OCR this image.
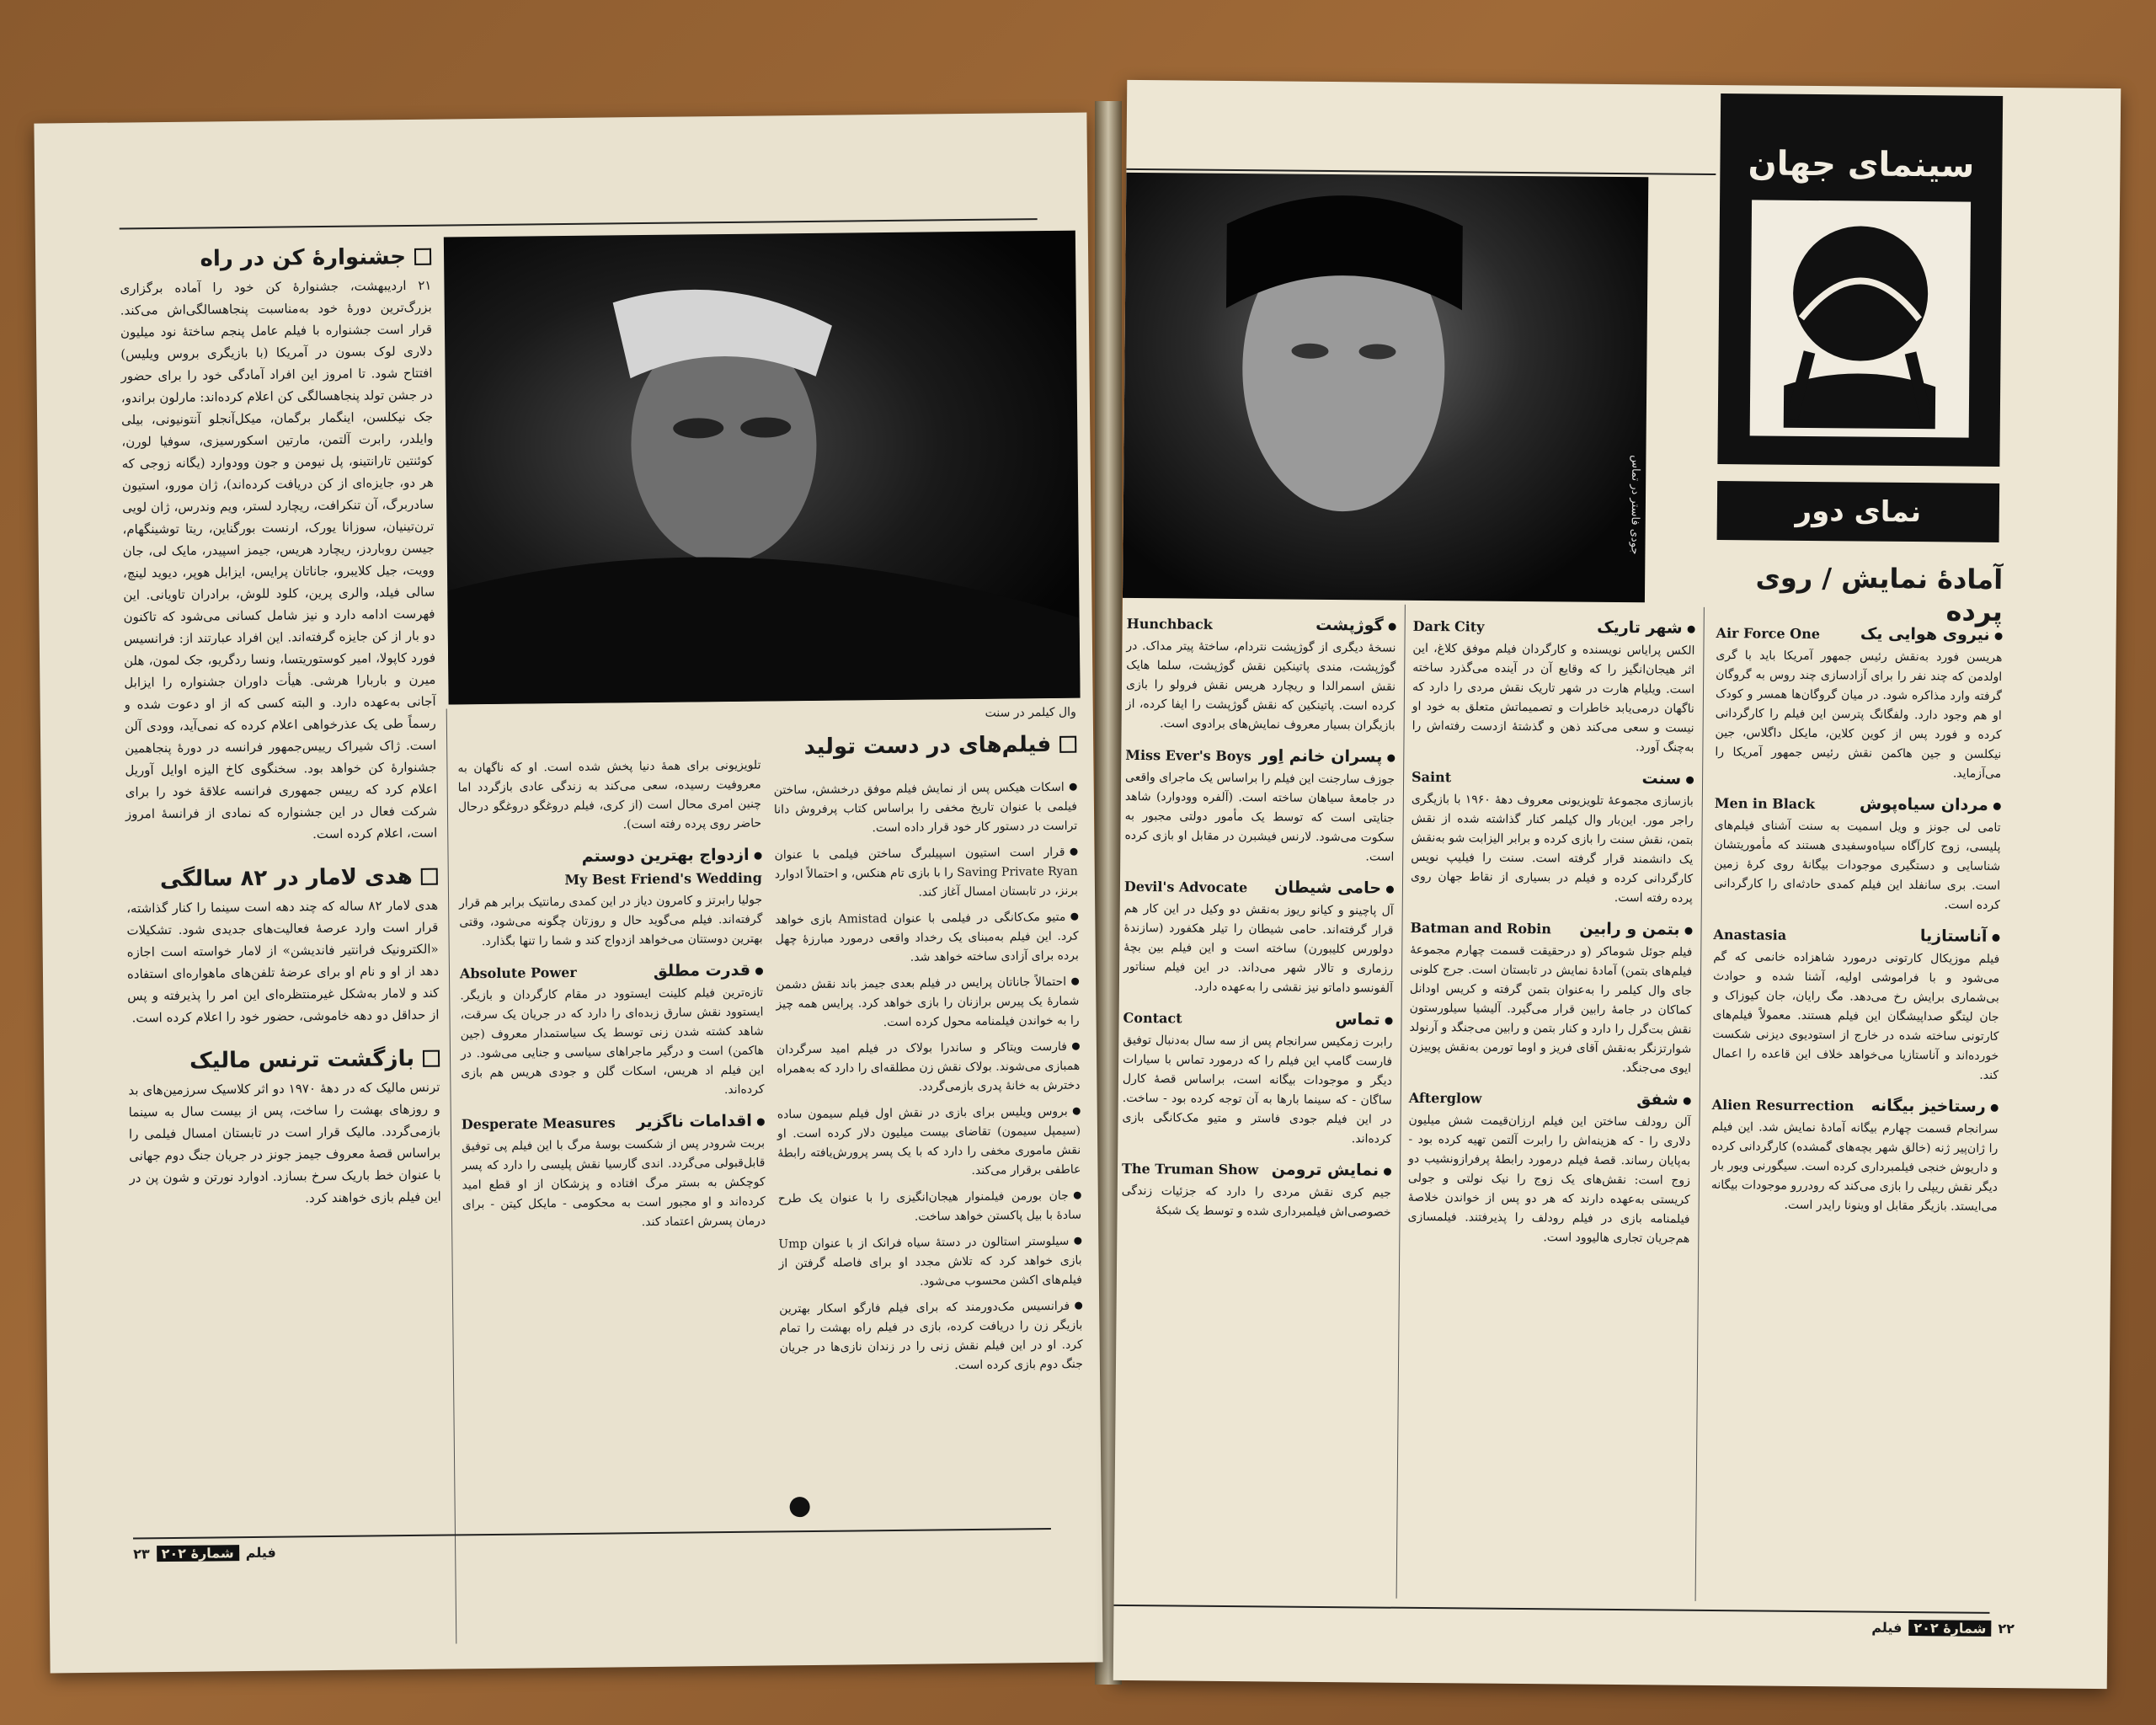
وال کیلمر در سنت
جشنوارهٔ کن در راه

۲۱ اردیبهشت، جشنوارهٔ کن خود را آماده برگزاری بزرگ‌ترین دورهٔ خود به‌مناسبت پنجاهسالگی‌اش می‌کند. قرار است جشنواره با فیلم عامل پنجم ساختهٔ نود میلیون دلاری لوک بسون در آمریکا (با بازیگری بروس ویلیس) افتتاح شود. تا امروز این افراد آمادگی خود را برای حضور در جشن تولد پنجاهسالگی کن اعلام کرده‌اند: مارلون براندو، جک نیکلسن، اینگمار برگمان، میکل‌آنجلو آنتونیونی، بیلی وایلدر، رابرت آلتمن، مارتین اسکورسیزی، سوفیا لورن، کوئنتین تارانتینو، پل نیومن و جون وودوارد (یگانه زوجی که هر دو، جایزه‌ای از کن دریافت کرده‌اند)، ژان مورو، استیون سادربرگ، آن تنکرافت، ریچارد لستر، ویم وندرس، ژان لویی ترن‌تینیان، سوزانا یورک، ارنست بورگناین، ریتا توشینگهام، جیسن روباردز، ریچارد هریس، جیمز اسپیدر، مایک لی، جان وویت، جیل کلایبرو، جاناتان پرایس، ایزابل هوپر، دیوید لینچ، سالی فیلد، والری پرین، کلود للوش، برادران تاویانی. این فهرست ادامه دارد و نیز شامل کسانی می‌شود که تاکنون دو بار از کن جایزه گرفته‌اند. این افراد عبارتند از: فرانسیس فورد کاپولا، امیر کوستوریتسا، ونسا ردگریو، جک لمون، هلن میرن و باربارا هرشی. هیأت داوران جشنواره را ایزابل آجانی به‌عهده دارد. و البته کسی که از او دعوت شده و رسماً طی یک عذرخواهی اعلام کرده که نمی‌آید، وودی آلن است. ژاک شیراک رییس‌جمهور فرانسه در دورهٔ پنجاهمین جشنوارهٔ کن خواهد بود. سخنگوی کاخ الیزه اوایل آوریل اعلام کرد که رییس جمهوری فرانسه علاقهٔ خود را برای شرکت فعال در این جشنواره که نمادی از فرانسهٔ امروز است، اعلام کرده است.

هدی لامار در ۸۲ سالگی

هدی لامار ۸۲ ساله که چند دهه است سینما را کنار گذاشته، قرار است وارد عرصهٔ فعالیت‌های جدیدی شود. تشکیلات «الکترونیک فرانتیر فاندیشن» از لامار خواسته است اجازه دهد از او و نام او برای عرضهٔ تلفن‌های ماهواره‌ای استفاده کند و لامار به‌شکل غیرمنتظره‌ای این امر را پذیرفته و پس از حداقل دو دهه خاموشی، حضور خود را اعلام کرده است.

بازگشت ترنس مالیک

ترنس مالیک که در دههٔ ۱۹۷۰ دو اثر کلاسیک سرزمین‌های بد و روزهای بهشت را ساخت، پس از بیست سال به سینما بازمی‌گردد. مالیک قرار است در تابستان امسال فیلمی را براساس قصهٔ معروف جیمز جونز در جریان جنگ دوم جهانی با عنوان خط باریک سرخ بسازد. ادوارد نورتن و شون پن در این فیلم بازی خواهند کرد.

فیلم‌های در دست تولید

اسکات هیکس پس از نمایش فیلم موفق درخشش، ساختن فیلمی با عنوان تاریخ مخفی را براساس کتاب پرفروش دانا تراست در دستور کار خود قرار داده است.

قرار است استیون اسپیلبرگ ساختن فیلمی با عنوان Saving Private Ryan را با بازی تام هنکس، و احتمالاً ادوارد برنز، در تابستان امسال آغاز کند.

متیو مک‌کانگی در فیلمی با عنوان Amistad بازی خواهد کرد. این فیلم به‌مبنای یک رخداد واقعی درمورد مبارزهٔ چهل برده برای آزادی ساخته خواهد شد.

احتمالاً جاناتان پرایس در فیلم بعدی جیمز باند نقش دشمن شمارهٔ یک پیرس برازنان را بازی خواهد کرد. پرایس همه چیز را به خواندن فیلمنامه محول کرده است.

فارست ویتاکر و ساندرا بولاک در فیلم امید سرگردان همبازی می‌شوند. بولاک نقش زن مطلقه‌ای را دارد که به‌همراه دخترش به خانهٔ پدری بازمی‌گردد.

بروس ویلیس برای بازی در نقش اول فیلم سیمون ساده (سیمپل سیمون) تقاضای بیست میلیون دلار کرده است. او نقش ماموری مخفی را دارد که با یک پسر پرورش‌یافته رابطهٔ عاطفی برقرار می‌کند.

جان بورمن فیلمنوار هیجان‌انگیزی را با عنوان یک طرح سادهٔ با بیل پاکستن خواهد ساخت.

سیلوستر استالون در دستهٔ سیاه فرانک از با عنوان Ump بازی خواهد کرد که تلاش مجدد او برای فاصله گرفتن از فیلم‌های اکشن محسوب می‌شود.

فرانسیس مک‌دورمند که برای فیلم فارگو اسکار بهترین بازیگر زن را دریافت کرده، بازی در فیلم راه بهشت را تمام کرد. او در این فیلم نقش زنی را در زندان نازی‌ها در جریان جنگ دوم بازی کرده است.

تلویزیونی برای همهٔ دنیا پخش شده است. او که ناگهان به معروفیت رسیده، سعی می‌کند به زندگی عادی بازگردد اما چنین امری محال است (از کری، فیلم دروغگو دروغگو درحال حاضر روی پرده رفته است).

ازدواج بهترین دوستم
My Best Friend's Wedding

جولیا رابرتز و کامرون دیاز در این کمدی رمانتیک برابر هم قرار گرفته‌اند. فیلم می‌گوید حال و روزتان چگونه می‌شود، وقتی بهترین دوستتان می‌خواهد ازدواج کند و شما را تنها بگذارد.

قدرت مطلق
Absolute Power

تازه‌ترین فیلم کلینت ایستوود در مقام کارگردان و بازیگر. ایستوود نقش سارق زبده‌ای را دارد که در جریان یک سرقت، شاهد کشته شدن زنی توسط یک سیاستمدار معروف (جین هاکمن) است و درگیر ماجراهای سیاسی و جنایی می‌شود. در این فیلم اد هریس، اسکات گلن و جودی هریس هم بازی کرده‌اند.

اقدامات ناگزیر
Desperate Measures

بربت شرودر پس از شکست بوسهٔ مرگ با این فیلم پی توفیق قابل‌قبولی می‌گردد. اندی گارسیا نقش پلیسی را دارد که پسر کوچکش به بستر مرگ افتاده و پزشکان از او قطع امید کرده‌اند و او مجبور است به محکومی - مایکل کیتن - برای درمان پسرش اعتماد کند.

فیلم
شمارهٔ ۲۰۲
۲۳
سینمای جهان
نمای دور
آمادهٔ نمایش / روی پرده
جودی فاستر در تماس
نیروی هوایی یک
Air Force One

هریسن فورد به‌نقش رئیس جمهور آمریکا باید با گری اولدمن که چند نفر را برای آزادسازی چند روس به گروگان گرفته وارد مذاکره شود. در میان گروگان‌ها همسر و کودک او هم وجود دارد. ولفگانگ پترسن این فیلم را کارگردانی کرده و فورد پس از کوین کلاین، مایکل داگلاس، جین نیکلسن و جین هاکمن نقش رئیس جمهور آمریکا را می‌آزماید.

مردان سیاه‌پوش
Men in Black

تامی لی جونز و ویل اسمیت به سنت آشنای فیلم‌های پلیسی، زوج کارآگاه سیاه‌وسفیدی هستند که مأمور‌یتشان شناسایی و دستگیری موجودات بیگانهٔ روی کرهٔ زمین است. بری سانفلد این فیلم کمدی حادثه‌ای را کارگردانی کرده است.

آناستازیا
Anastasia

فیلم موزیکال کارتونی درمورد شاهزاده خانمی که گم می‌شود و با فراموشی اولیه، آشنا شده و حوادث بی‌شماری برایش رخ می‌دهد. مگ رایان، جان کیوزاک و جان لیتگو صداپیشگان این فیلم هستند. معمولاً فیلم‌های کارتونی ساخته شده در خارج از استودیوی دیزنی شکست خورده‌اند و آناستازیا می‌خواهد خلاف این قاعده را اعمال کند.

رستاخیز بیگانه
Alien Resurrection

سرانجام قسمت چهارم بیگانه آمادهٔ نمایش شد. این فیلم را ژان‌پیر ژنه (خالق شهر بچه‌های گمشده) کارگردانی کرده و داریوش خنجی فیلمبرداری کرده است. سیگورنی ویور بار دیگر نقش ریپلی را بازی می‌کند که رودررو موجودات بیگانه می‌ایستد. بازیگر مقابل او وینونا رایدر است.

شهر تاریک
Dark City

الکس پرایاس نویسنده و کارگردان فیلم موفق کلاغ، این اثر هیجان‌انگیز را که وقایع آن در آینده می‌گذرد ساخته است. ویلیام هارت در شهر تاریک نقش مردی را دارد که ناگهان درمی‌یابد خاطرات و تصمیماتش متعلق به خود او نیست و سعی می‌کند ذهن و گذشتهٔ ازدست رفته‌اش را به‌چنگ آورد.

سنت
Saint

بازسازی مجموعهٔ تلویزیونی معروف دههٔ ۱۹۶۰ با بازیگری راجر مور. این‌بار وال کیلمر کنار گذاشته شده از نقش بتمن، نقش سنت را بازی کرده و برابر الیزابت شو به‌نقش یک دانشمند قرار گرفته است. سنت را فیلیپ نویس کارگردانی کرده و فیلم در بسیاری از نقاط جهان روی پرده رفته است.

بتمن و رابین
Batman and Robin

فیلم جوئل شوماکر (و درحقیقت قسمت چهارم مجموعهٔ فیلم‌های بتمن) آمادهٔ نمایش در تابستان است. جرج کلونی جای وال کیلمر را به‌عنوان بتمن گرفته و کریس اودانل کماکان در جامهٔ رابین قرار می‌گیرد. آلیشیا سیلورستون نقش بت‌گرل را دارد و کنار بتمن و رابین می‌جنگد و آرنولد شوارتزنگر به‌نقش آقای فریز و اوما تورمن به‌نقش پوییزن ایوی می‌جنگد.

شفق
Afterglow

آلن رودلف ساختن این فیلم ارزان‌قیمت شش میلیون دلاری را - که هزینه‌اش را رابرت آلتمن تهیه کرده بود - به‌پایان رساند. قصهٔ فیلم درمورد رابطهٔ پرفراز‌ونشیب دو زوج است: نقش‌های یک زوج را نیک نولتی و جولی کریستی به‌عهده دارند که هر دو پس از خواندن خلاصهٔ فیلمنامه بازی در فیلم رودلف را پذیرفتند. فیلمسازی هم‌جریان تجاری هالیوود است.

گوژپشت
Hunchback

نسخهٔ دیگری از گوژپشت نتردام، ساختهٔ پیتر مداک. در گوژپشت، مندی پاتینکین نقش گوژپشت، سلما هایک نقش اسمرالدا و ریچارد هریس نقش فرولو را بازی کرده است. پاتینکین که نقش گوژپشت را ایفا کرده، از بازیگران بسیار معروف نمایش‌های برادوی است.

پسران خانم اِور
Miss Ever's Boys

جوزف سارجنت این فیلم را براساس یک ماجرای واقعی در جامعهٔ سیاهان ساخته است. (آلفره وودوارد) شاهد جنایتی است که توسط یک مأمور دولتی مجبور به سکوت می‌شود. لارنس فیشبرن در مقابل او بازی کرده است.

حامی شیطان
Devil's Advocate

آل پاچینو و کیانو ریوز به‌نقش دو وکیل در این کار هم قرار گرفته‌اند. حامی شیطان را تیلر هکفورد (سازندهٔ دولورس کلیبورن) ساخته است و این فیلم بین بچهٔ رزماری و تالار شهر می‌داند. در این فیلم سناتور آلفونسو داماتو نیز نقشی را به‌عهده دارد.

تماس
Contact

رابرت زمکیس سرانجام پس از سه سال به‌دنبال توفیق فارست گامپ این فیلم را که درمورد تماس با سیارات دیگر و موجودات بیگانه است، براساس قصهٔ کارل ساگان - که سینما بارها به آن توجه کرده بود - ساخت. در این فیلم جودی فاستر و متیو مک‌کانگی بازی کرده‌اند.

نمایش ترومن
The Truman Show

جیم کری نقش مردی را دارد که جزئیات زندگی خصوصی‌اش فیلمبرداری شده و توسط یک شبکهٔ

۲۲
شمارهٔ ۲۰۲
فیلم
